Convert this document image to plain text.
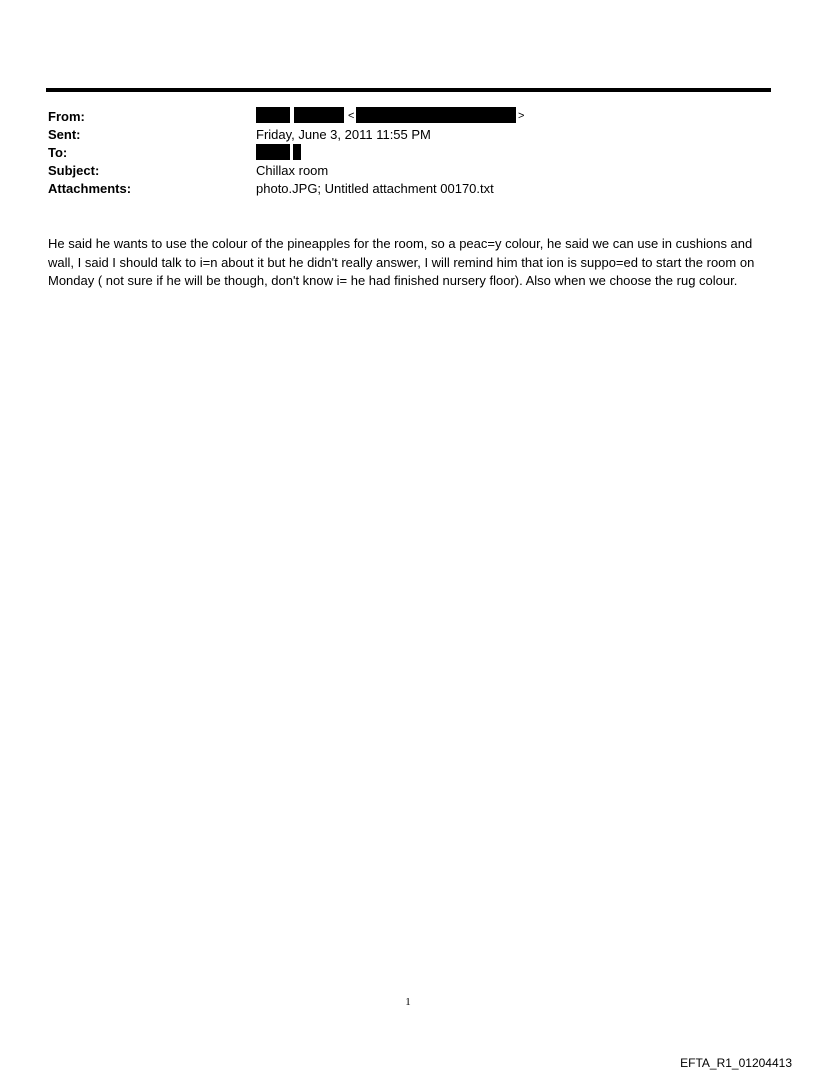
From:	<	>
Sent:	Friday, June 3, 2011 11:55 PM
To:
Subject:	Chillax room
Attachments:	photo.JPG; Untitled attachment 00170.txt
He said he wants to use the colour of the pineapples for the room, so a peac=y colour, he said we can use in cushions and wall, I said I should talk to i=n about it but he didn't really answer, I will remind him that ion is suppo=ed to start the room on Monday ( not sure if he will be though, don't know i= he had finished nursery floor). Also when we choose the rug colour.
1
EFTA_R1_01204413
